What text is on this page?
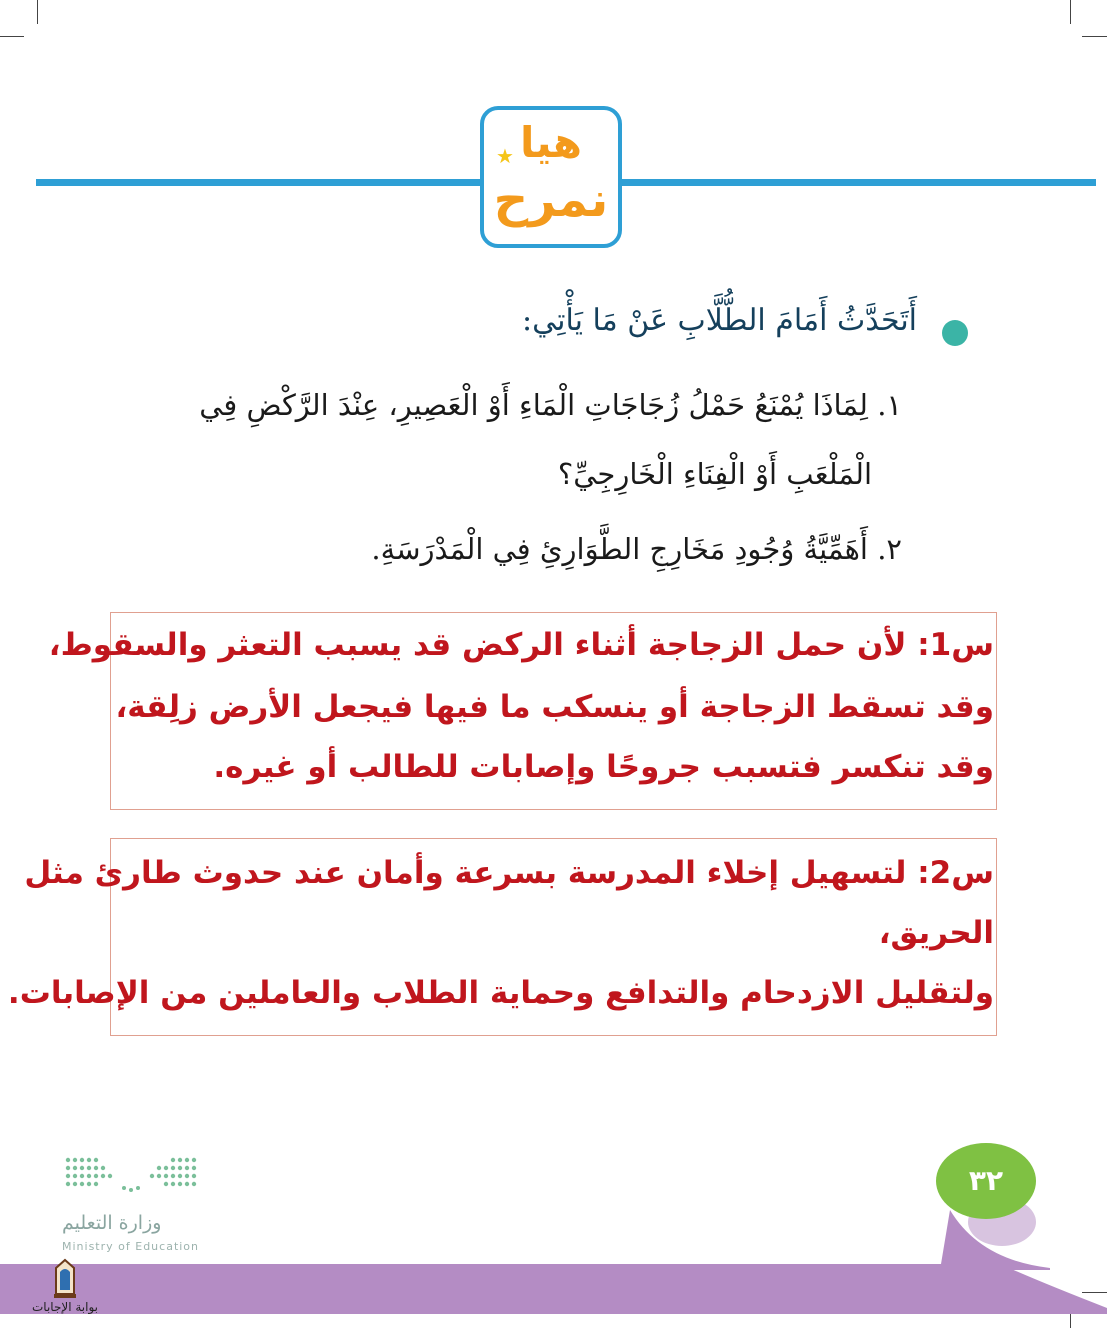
★ هيا
نمرح
أَتَحَدَّثُ أَمَامَ الطُّلَّابِ عَنْ مَا يَأْتِي:
١. لِمَاذَا يُمْنَعُ حَمْلُ زُجَاجَاتِ الْمَاءِ أَوْ الْعَصِيرِ، عِنْدَ الرَّكْضِ فِي
الْمَلْعَبِ أَوْ الْفِنَاءِ الْخَارِجِيِّ؟
٢. أَهَمِّيَّةُ وُجُودِ مَخَارِجِ الطَّوَارِئِ فِي الْمَدْرَسَةِ.
س1: لأن حمل الزجاجة أثناء الركض قد يسبب التعثر والسقوط،
وقد تسقط الزجاجة أو ينسكب ما فيها فيجعل الأرض زلِقة،
وقد تنكسر فتسبب جروحًا وإصابات للطالب أو غيره.
س2: لتسهيل إخلاء المدرسة بسرعة وأمان عند حدوث طارئ مثل
الحريق،
ولتقليل الازدحام والتدافع وحماية الطلاب والعاملين من الإصابات.
٣٢
وزارة التعليم
Ministry of Education
بوابة الإجابات
